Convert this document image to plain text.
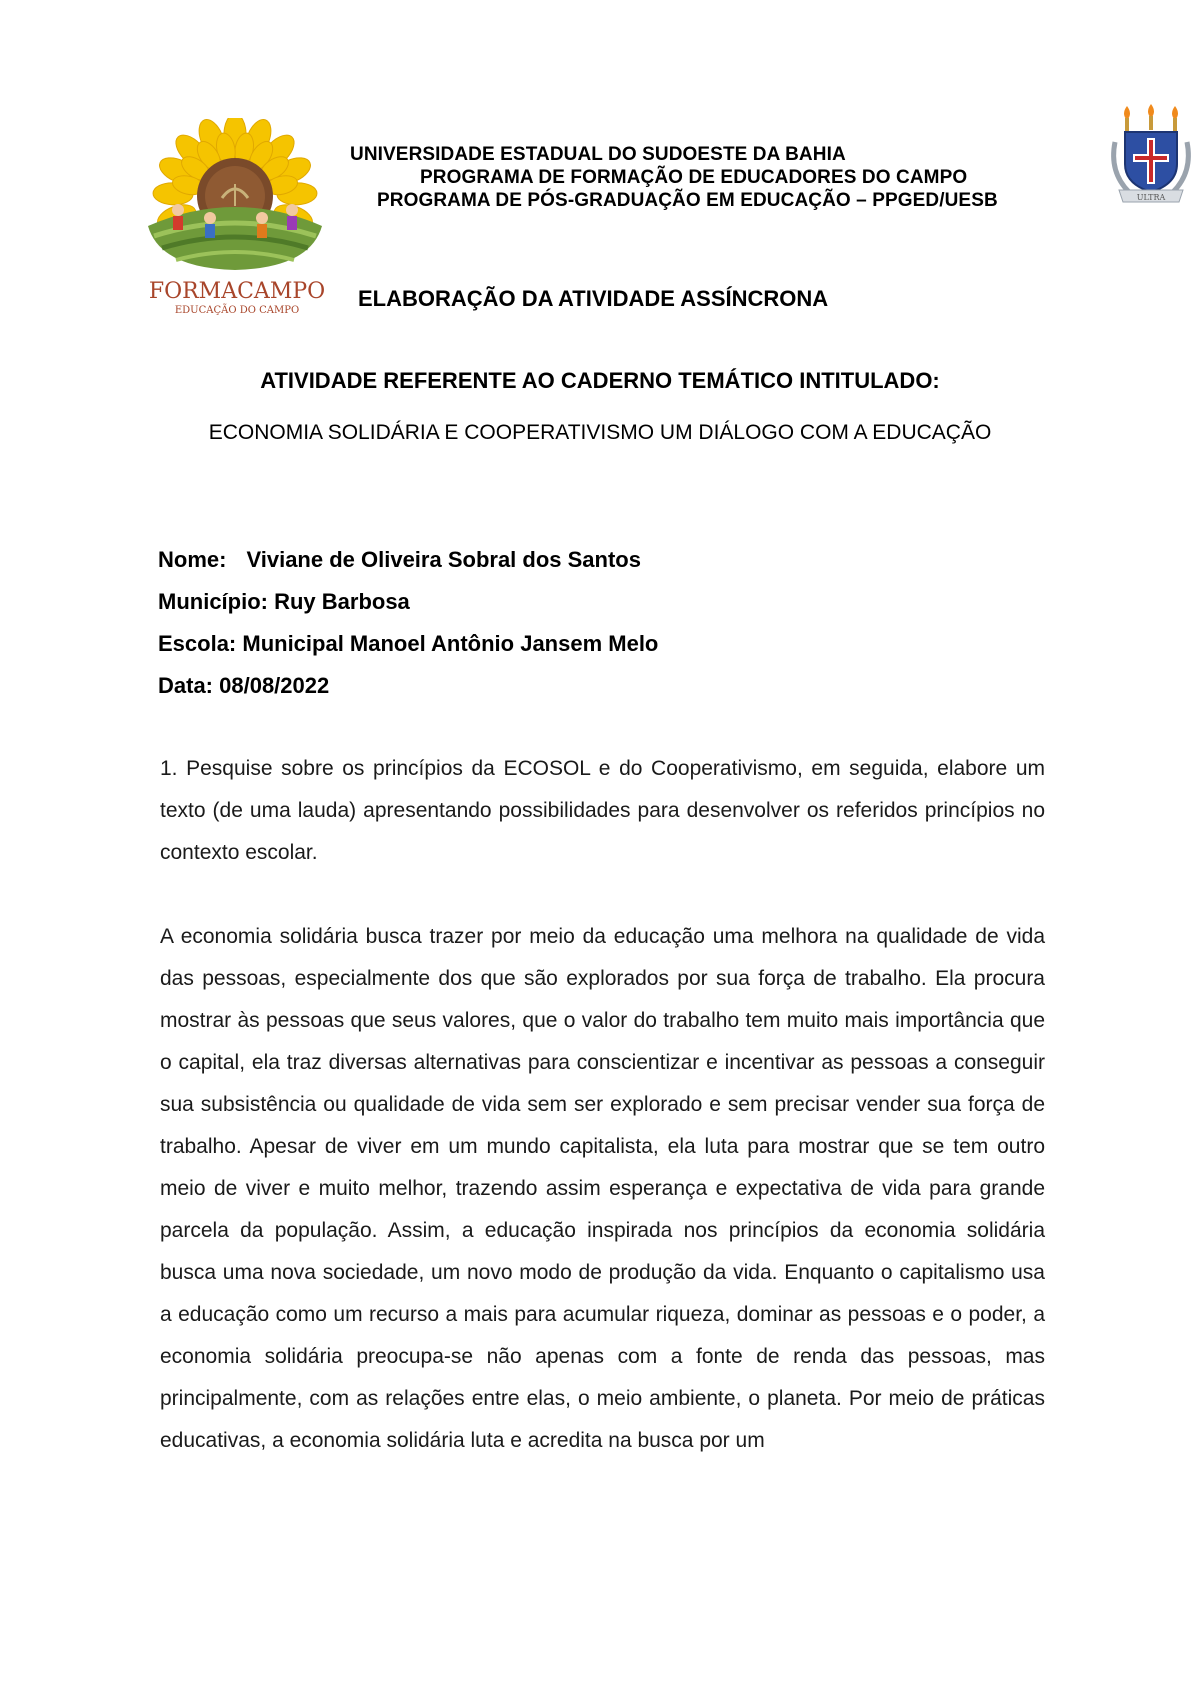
FORMACAMPO
EDUCAÇÃO DO CAMPO
ULTRA
UNIVERSIDADE ESTADUAL DO SUDOESTE DA BAHIA
PROGRAMA DE FORMAÇÃO DE EDUCADORES DO CAMPO
PROGRAMA DE PÓS-GRADUAÇÃO EM EDUCAÇÃO – PPGED/UESB
ELABORAÇÃO DA ATIVIDADE ASSÍNCRONA
ATIVIDADE REFERENTE AO CADERNO TEMÁTICO INTITULADO:
ECONOMIA SOLIDÁRIA E COOPERATIVISMO UM DIÁLOGO COM A EDUCAÇÃO
Nome: Viviane de Oliveira Sobral dos Santos
Município: Ruy Barbosa
Escola: Municipal Manoel Antônio Jansem Melo
Data: 08/08/2022
1. Pesquise sobre os princípios da ECOSOL e do Cooperativismo, em seguida, elabore um texto (de uma lauda) apresentando possibilidades para desenvolver os referidos princípios no contexto escolar.
A economia solidária busca trazer por meio da educação uma melhora na qualidade de vida das pessoas, especialmente dos que são explorados por sua força de trabalho. Ela procura mostrar às pessoas que seus valores, que o valor do trabalho tem muito mais importância que o capital, ela traz diversas alternativas para conscientizar e incentivar as pessoas a conseguir sua subsistência ou qualidade de vida sem ser explorado e sem precisar vender sua força de trabalho. Apesar de viver em um mundo capitalista, ela luta para mostrar que se tem outro meio de viver e muito melhor, trazendo assim esperança e expectativa de vida para grande parcela da população. Assim, a educação inspirada nos princípios da economia solidária busca uma nova sociedade, um novo modo de produção da vida. Enquanto o capitalismo usa a educação como um recurso a mais para acumular riqueza, dominar as pessoas e o poder, a economia solidária preocupa-se não apenas com a fonte de renda das pessoas, mas principalmente, com as relações entre elas, o meio ambiente, o planeta. Por meio de práticas educativas, a economia solidária luta e acredita na busca por um
